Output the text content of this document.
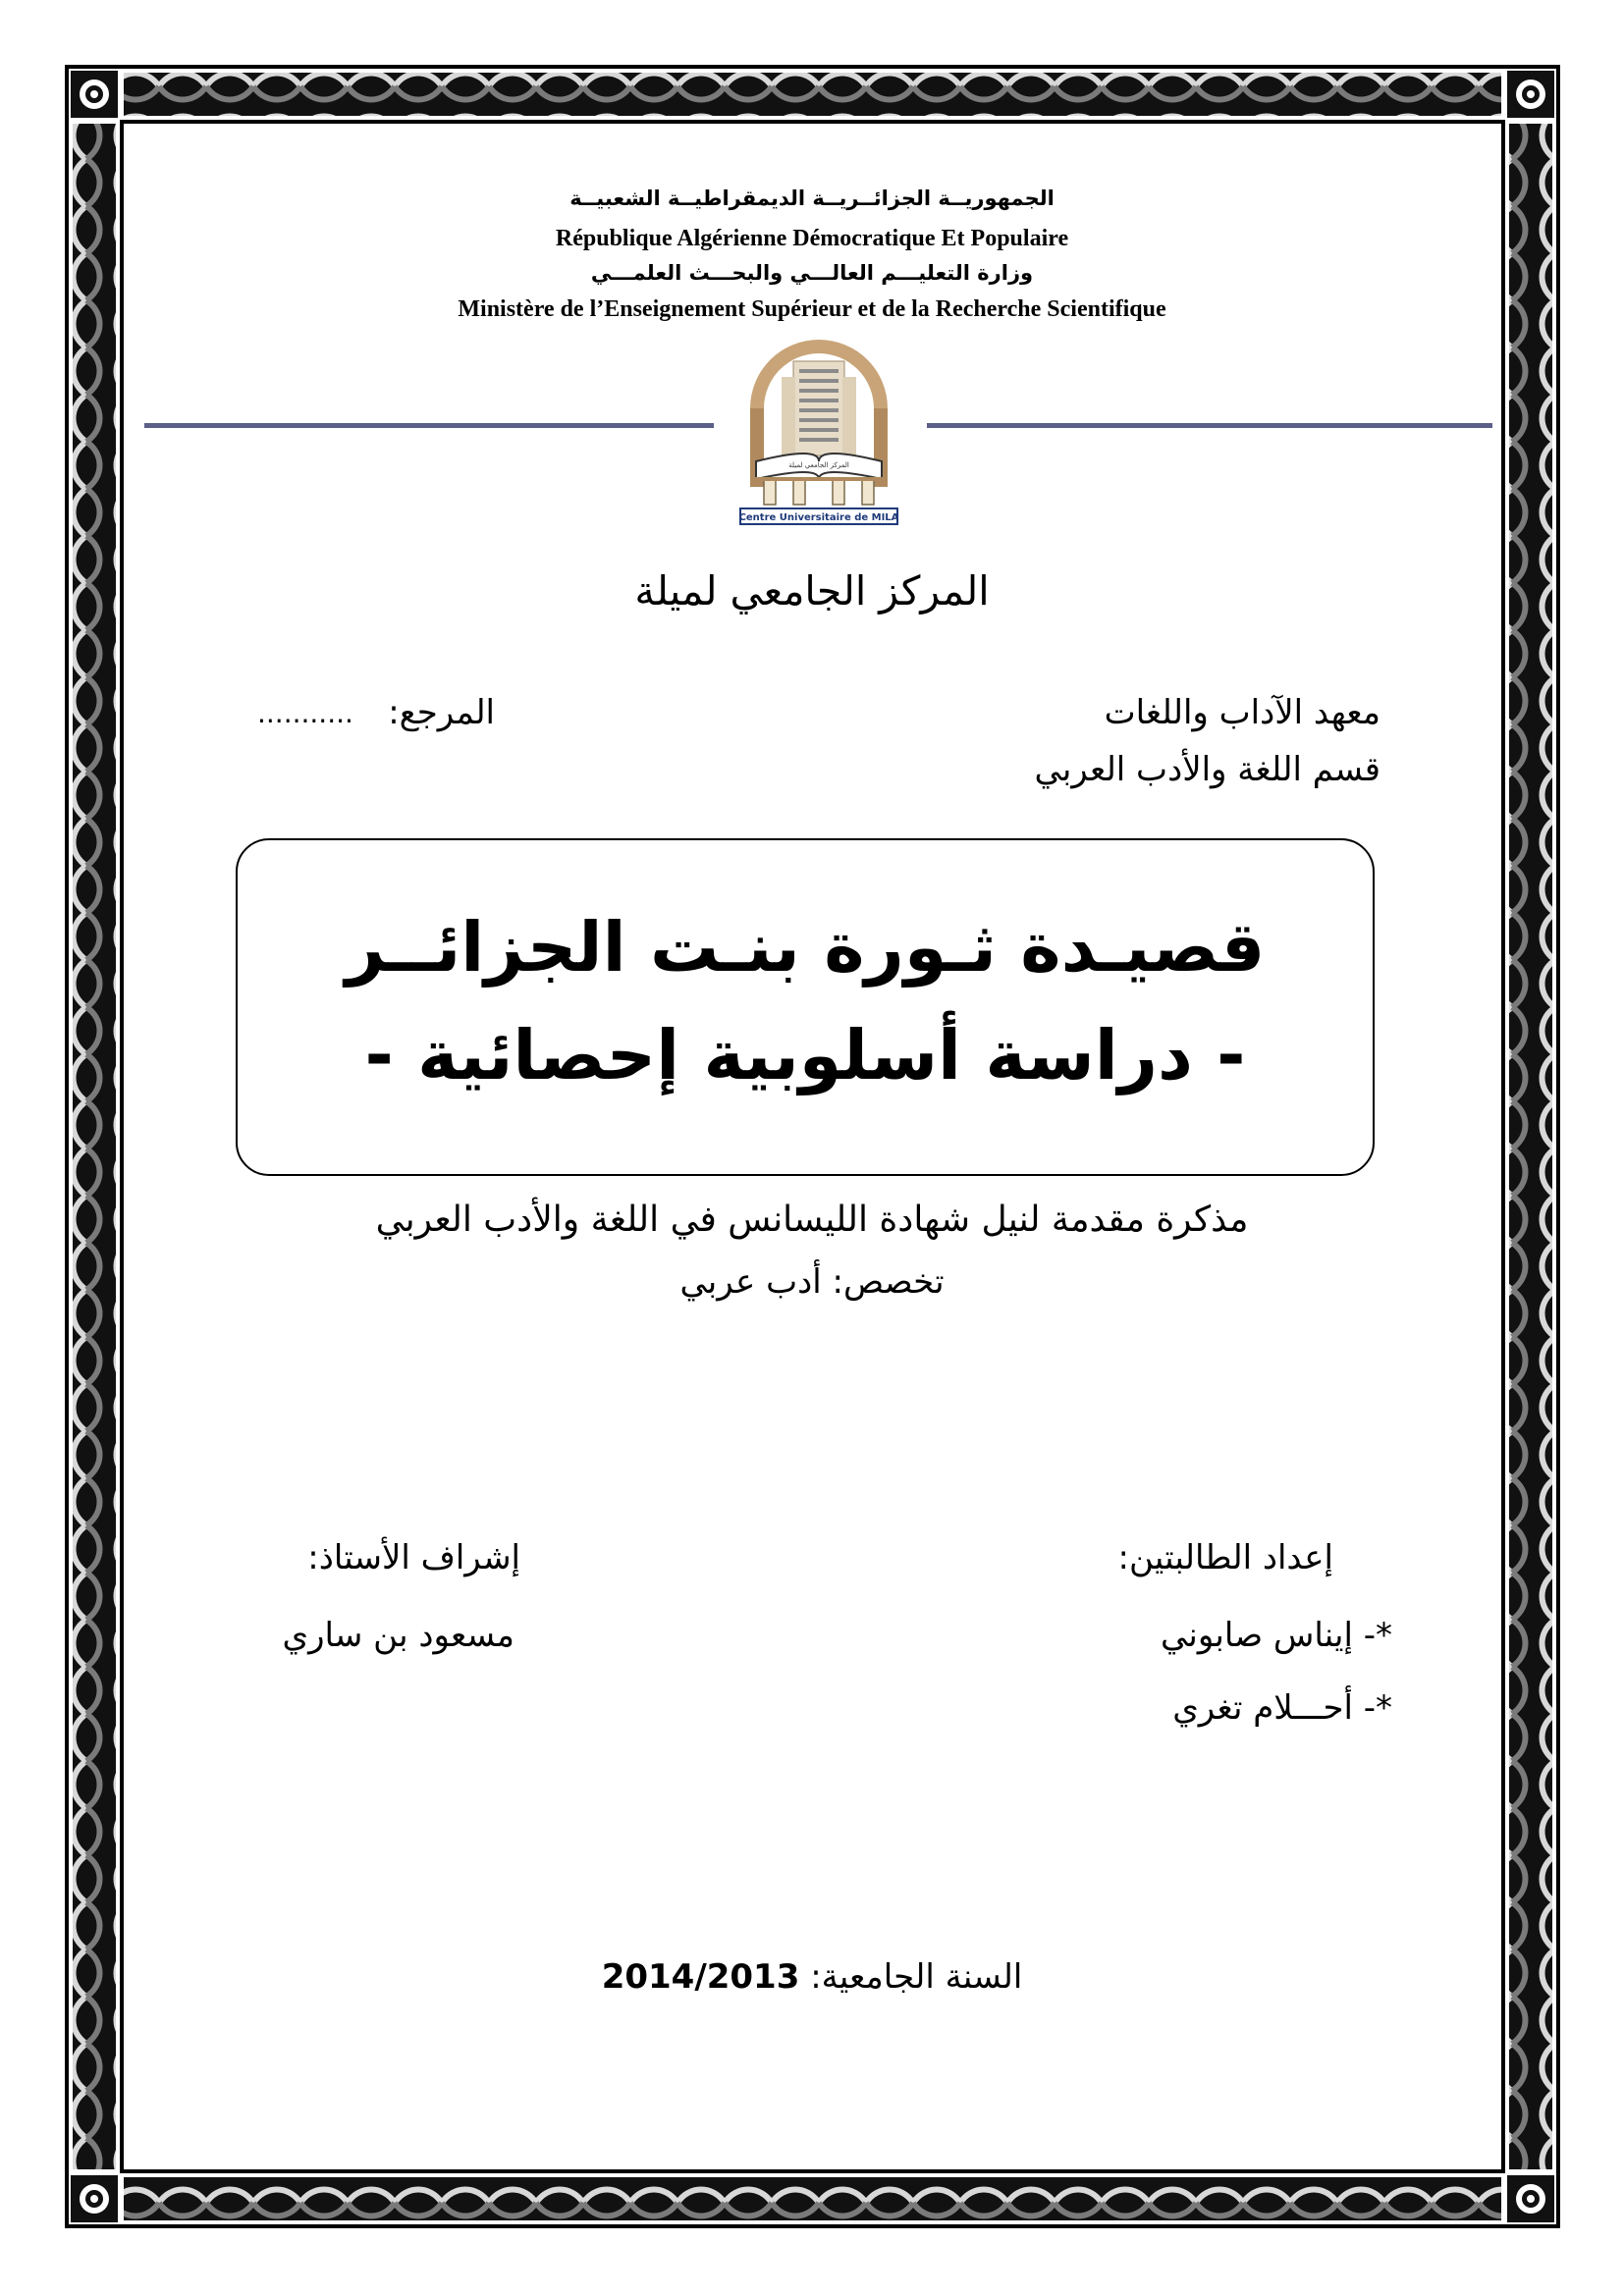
الجمهوريــة الجزائــريــة الديمقراطيــة الشعبيــة
République Algérienne Démocratique Et Populaire
وزارة التعليـــم العالـــي والبحـــث العلمـــي
Ministère de l’Enseignement Supérieur et de la Recherche Scientifique
المركز الجامعي لميلة
Centre Universitaire de MILA
المركز الجامعي لميلة
معهد الآداب واللغات
قسم اللغة والأدب العربي
المرجع:
...........
قصيـدة ثـورة بنـت الجزائــر
- دراسة أسلوبية إحصائية -
مذكرة مقدمة لنيل شهادة الليسانس في اللغة والأدب العربي
تخصص: أدب عربي
إعداد الطالبتين:
*- إيناس صابوني
*- أحـــلام تغري
إشراف الأستاذ:
مسعود بن ساري
السنة الجامعية: 2014/2013
